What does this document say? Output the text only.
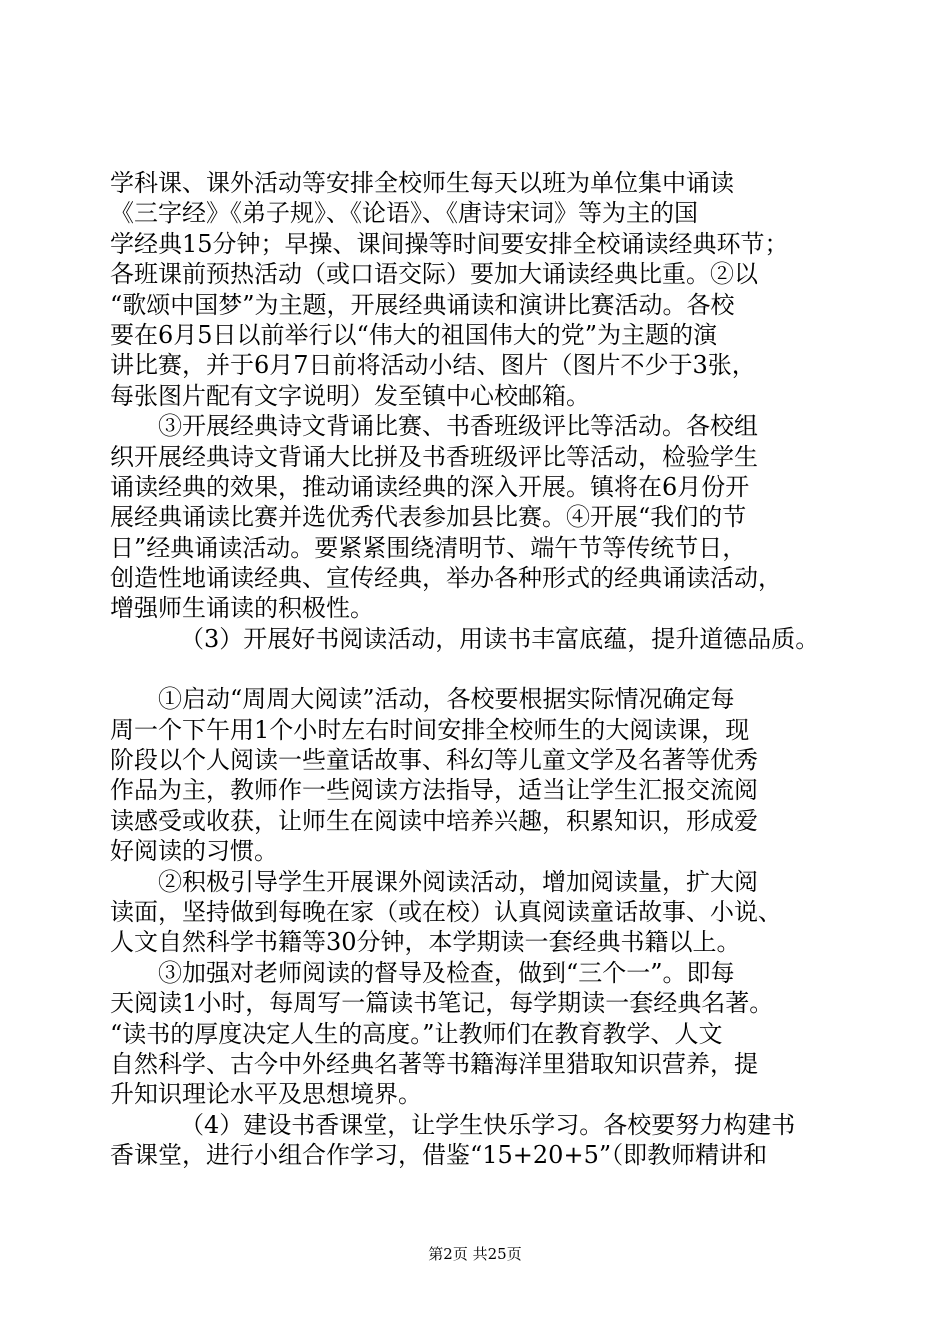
学科课、课外活动等安排全校师生每天以班为单位集中诵读
《三字经》《弟子规》、《论语》、《唐诗宋词》等为主的国
学经典15分钟；早操、课间操等时间要安排全校诵读经典环节；
各班课前预热活动（或口语交际）要加大诵读经典比重。②以
“歌颂中国梦”为主题，开展经典诵读和演讲比赛活动。各校
要在6月5日以前举行以“伟大的祖国伟大的党”为主题的演
讲比赛，并于6月7日前将活动小结、图片（图片不少于3张，
每张图片配有文字说明）发至镇中心校邮箱。
③开展经典诗文背诵比赛、书香班级评比等活动。各校组
织开展经典诗文背诵大比拼及书香班级评比等活动，检验学生
诵读经典的效果，推动诵读经典的深入开展。镇将在6月份开
展经典诵读比赛并选优秀代表参加县比赛。④开展“我们的节
日”经典诵读活动。要紧紧围绕清明节、端午节等传统节日，
创造性地诵读经典、宣传经典，举办各种形式的经典诵读活动，
增强师生诵读的积极性。
（3）开展好书阅读活动，用读书丰富底蕴，提升道德品质。
①启动“周周大阅读”活动，各校要根据实际情况确定每
周一个下午用1个小时左右时间安排全校师生的大阅读课，现
阶段以个人阅读一些童话故事、科幻等儿童文学及名著等优秀
作品为主，教师作一些阅读方法指导，适当让学生汇报交流阅
读感受或收获，让师生在阅读中培养兴趣，积累知识，形成爱
好阅读的习惯。
②积极引导学生开展课外阅读活动，增加阅读量，扩大阅
读面，坚持做到每晚在家（或在校）认真阅读童话故事、小说、
人文自然科学书籍等30分钟，本学期读一套经典书籍以上。
③加强对老师阅读的督导及检查，做到“三个一”。即每
天阅读1小时，每周写一篇读书笔记，每学期读一套经典名著。
“读书的厚度决定人生的高度。”让教师们在教育教学、人文
自然科学、古今中外经典名著等书籍海洋里猎取知识营养，提
升知识理论水平及思想境界。
（4）建设书香课堂，让学生快乐学习。各校要努力构建书
香课堂，进行小组合作学习，借鉴“15+20+5”（即教师精讲和
第2页 共25页
